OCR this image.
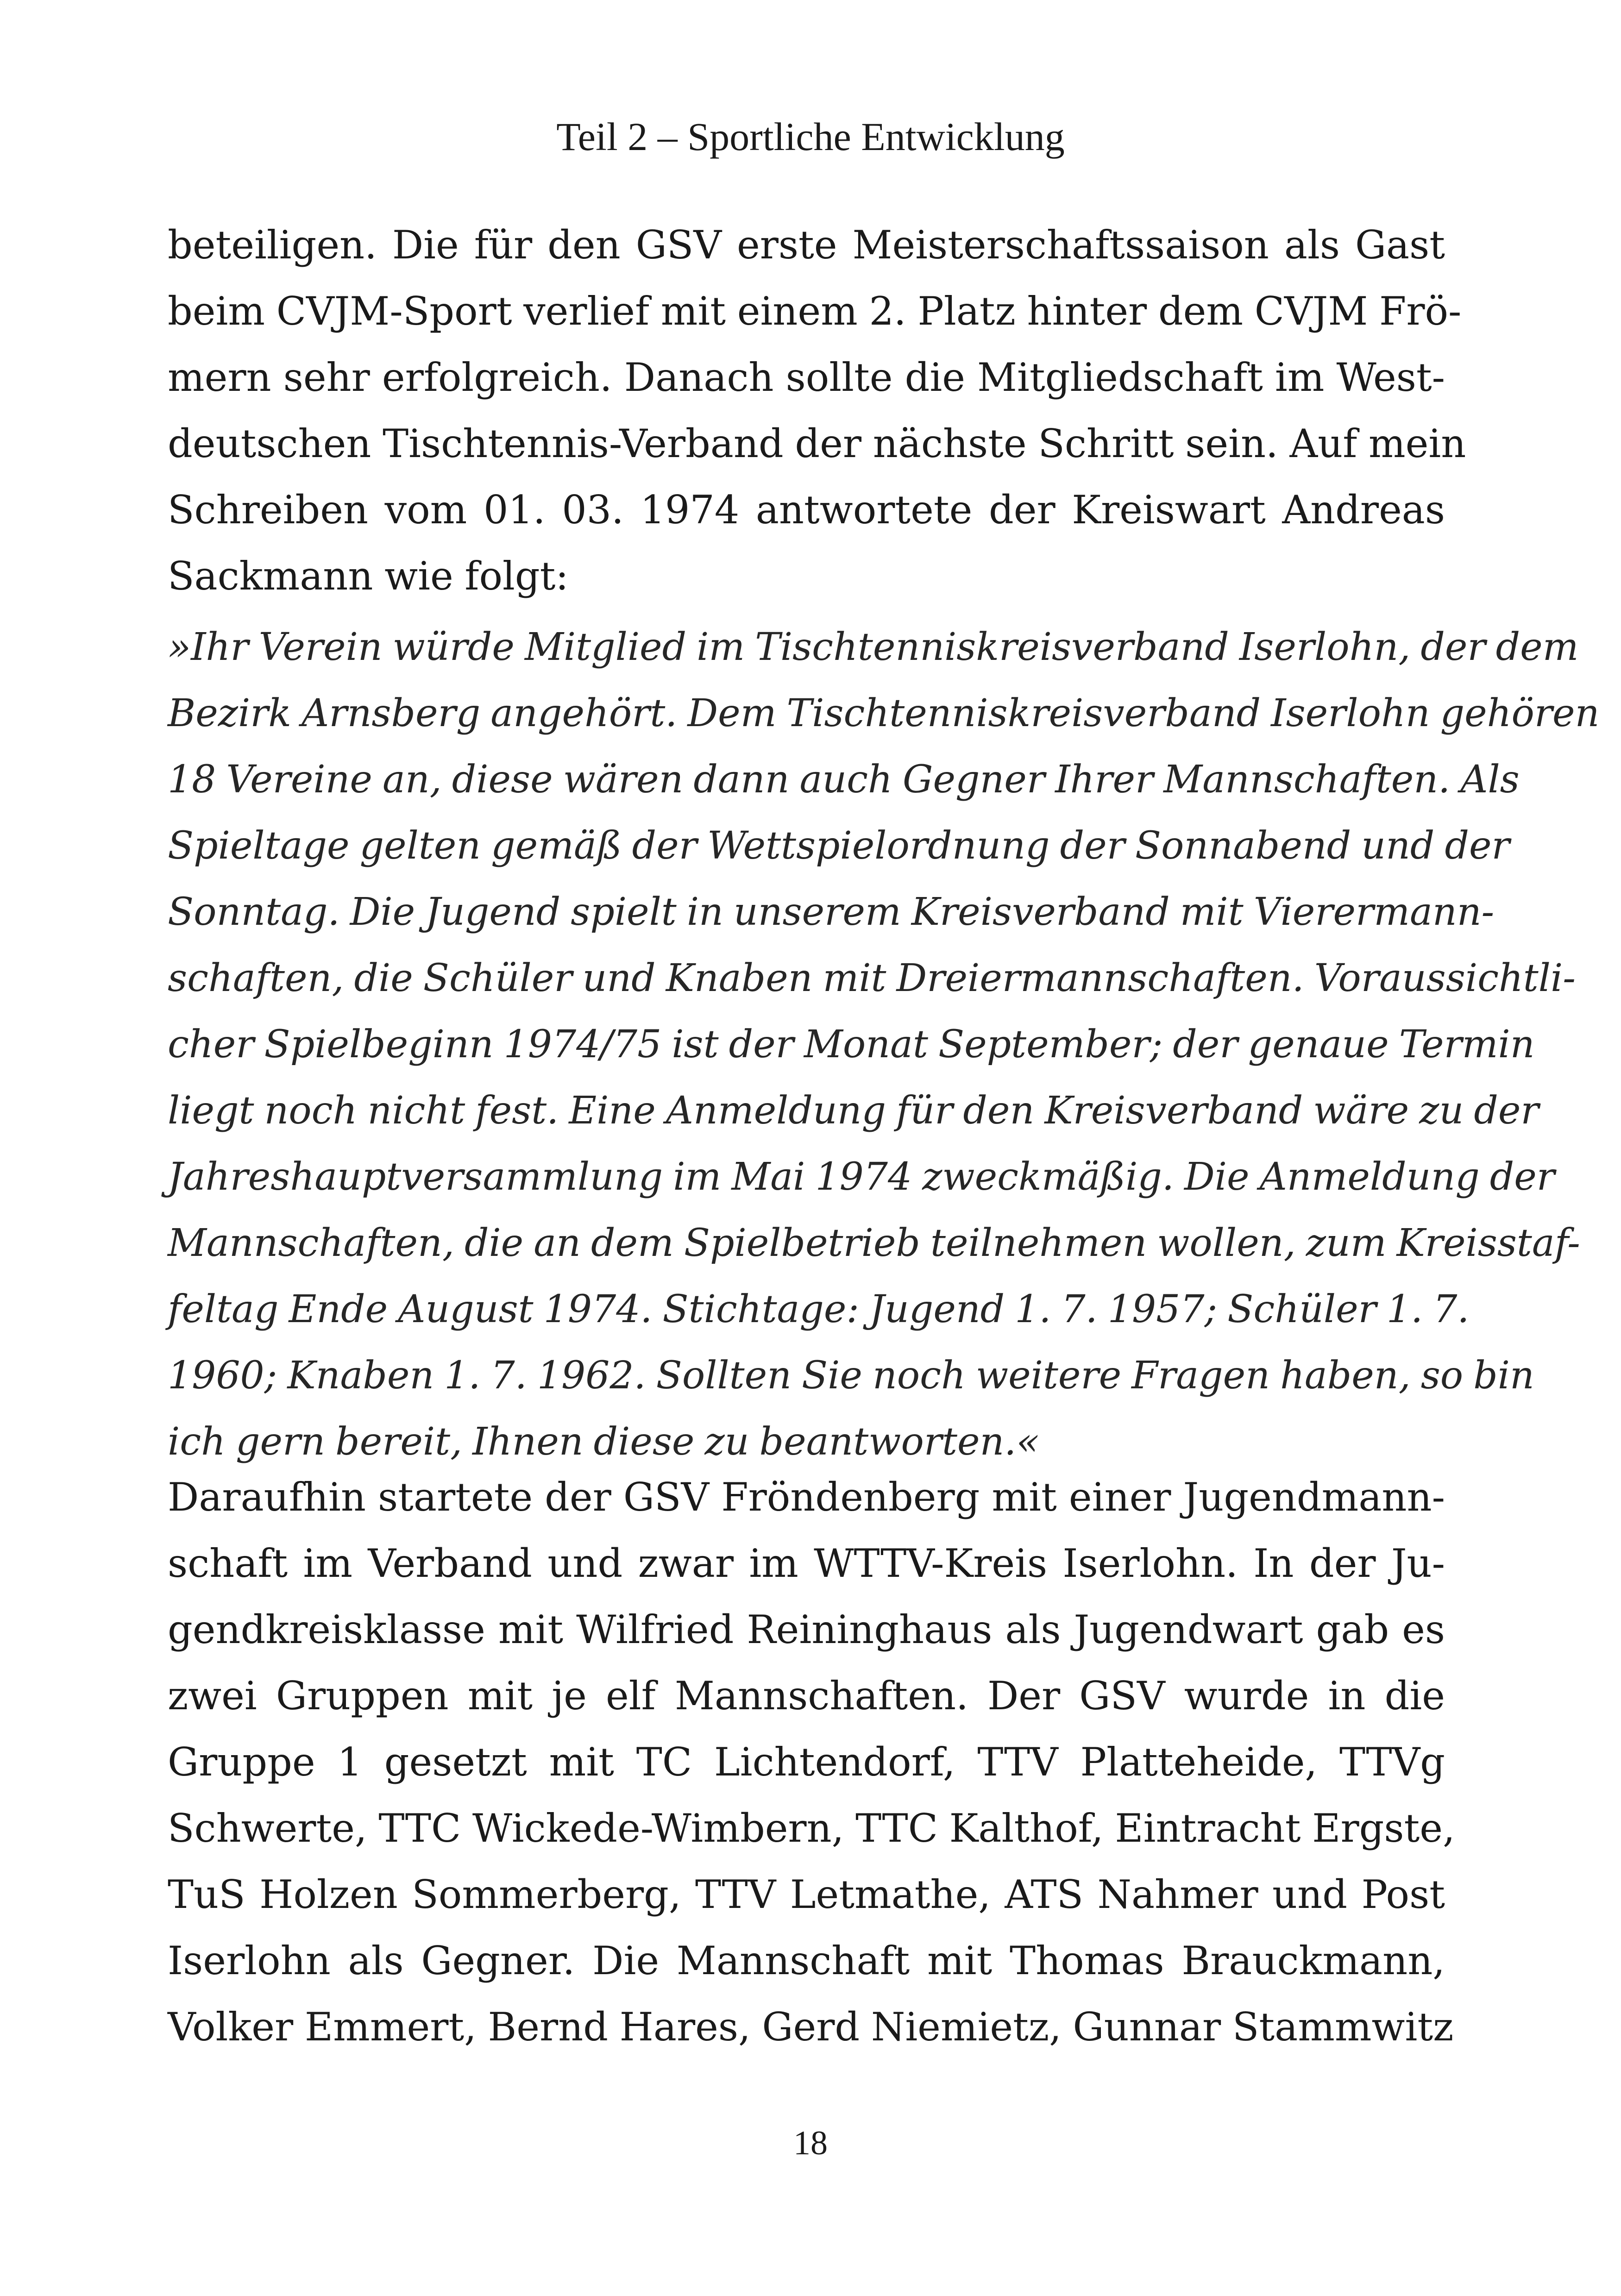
Teil 2 – Sportliche Entwicklung
beteiligen. Die für den GSV erste Meisterschaftssaison als Gast
beim CVJM-Sport verlief mit einem 2. Platz hinter dem CVJM Frö-
mern sehr erfolgreich. Danach sollte die Mitgliedschaft im West-
deutschen Tischtennis-Verband der nächste Schritt sein. Auf mein
Schreiben vom 01. 03. 1974 antwortete der Kreiswart Andreas
Sackmann wie folgt:
»Ihr Verein würde Mitglied im Tischtenniskreisverband Iserlohn, der dem
Bezirk Arnsberg angehört. Dem Tischtenniskreisverband Iserlohn gehören
18 Vereine an, diese wären dann auch Gegner Ihrer Mannschaften. Als
Spieltage gelten gemäß der Wettspielordnung der Sonnabend und der
Sonntag. Die Jugend spielt in unserem Kreisverband mit Vierermann-
schaften, die Schüler und Knaben mit Dreiermannschaften. Voraussichtli-
cher Spielbeginn 1974/75 ist der Monat September; der genaue Termin
liegt noch nicht fest. Eine Anmeldung für den Kreisverband wäre zu der
Jahreshauptversammlung im Mai 1974 zweckmäßig. Die Anmeldung der
Mannschaften, die an dem Spielbetrieb teilnehmen wollen, zum Kreisstaf-
feltag Ende August 1974. Stichtage: Jugend 1. 7. 1957; Schüler 1. 7.
1960; Knaben 1. 7. 1962. Sollten Sie noch weitere Fragen haben, so bin
ich gern bereit, Ihnen diese zu beantworten.«
Daraufhin startete der GSV Fröndenberg mit einer Jugendmann-
schaft im Verband und zwar im WTTV-Kreis Iserlohn. In der Ju-
gendkreisklasse mit Wilfried Reininghaus als Jugendwart gab es
zwei Gruppen mit je elf Mannschaften. Der GSV wurde in die
Gruppe 1 gesetzt mit TC Lichtendorf, TTV Platteheide, TTVg
Schwerte, TTC Wickede-Wimbern, TTC Kalthof, Eintracht Ergste,
TuS Holzen Sommerberg, TTV Letmathe, ATS Nahmer und Post
Iserlohn als Gegner. Die Mannschaft mit Thomas Brauckmann,
Volker Emmert, Bernd Hares, Gerd Niemietz, Gunnar Stammwitz
18
